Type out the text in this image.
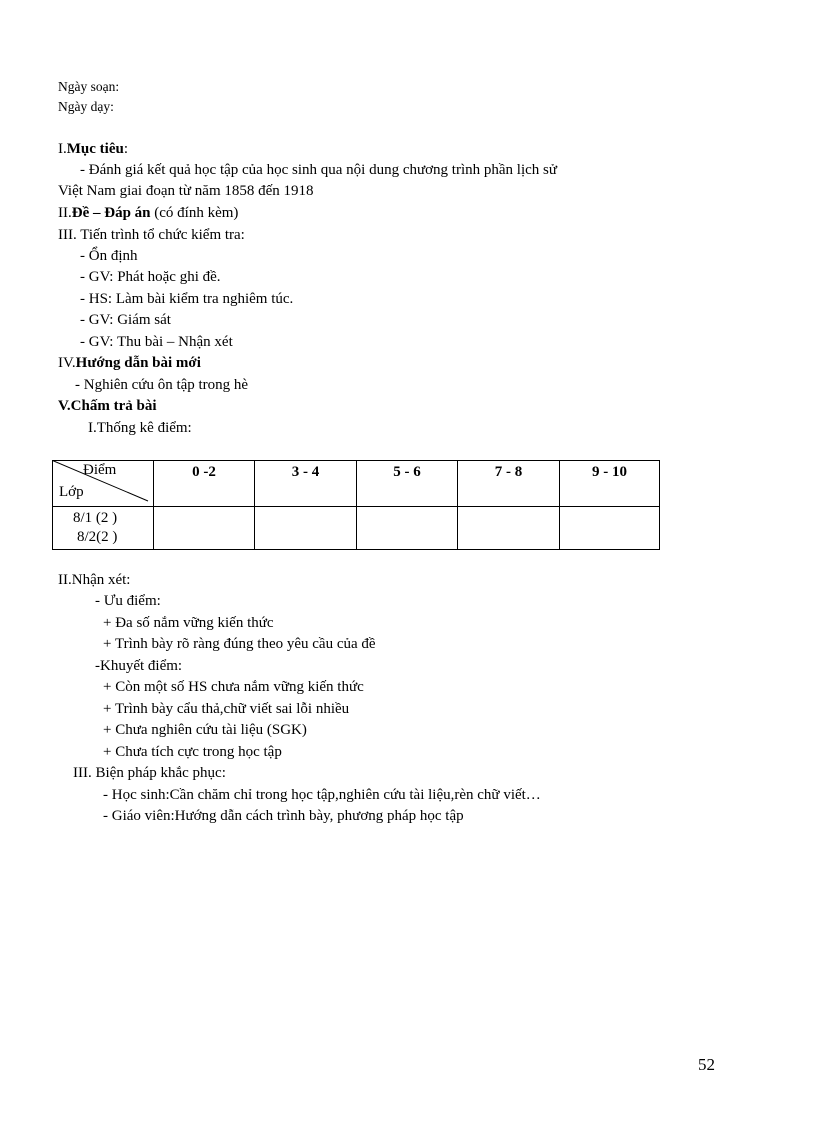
Ngày soạn:
Ngày dạy:
I.Mục tiêu:
- Đánh giá kết quả học tập của học sinh qua nội dung chương trình phần lịch sử
Việt Nam giai đoạn từ năm 1858 đến 1918
II.Đề – Đáp án (có đính kèm)
III. Tiến trình tổ chức kiểm tra:
- Ổn định
- GV: Phát hoặc ghi đề.
- HS: Làm bài kiểm tra nghiêm túc.
- GV: Giám sát
- GV: Thu bài – Nhận xét
IV.Hướng dẫn bài mới
- Nghiên cứu ôn tập trong hè
V.Chấm trả bài
I.Thống kê điểm:
Điểm
Lớp	0 -2	3 - 4	5 - 6	7 - 8	9 - 10

8/1 (2 )
8/2(2 )					

II.Nhận xét:
- Ưu điểm:
+ Đa số nắm vững kiến thức
+ Trình bày rõ ràng đúng theo yêu cầu của đề
-Khuyết điểm:
+ Còn một số HS chưa nắm vững kiến thức
+ Trình bày cẩu thả,chữ viết sai lỗi nhiều
+ Chưa nghiên cứu tài liệu (SGK)
+ Chưa tích cực trong học tập
III. Biện pháp khắc phục:
- Học sinh:Cần chăm chỉ trong học tập,nghiên cứu tài liệu,rèn chữ viết…
- Giáo viên:Hướng dẫn cách trình bày, phương pháp học tập
52
